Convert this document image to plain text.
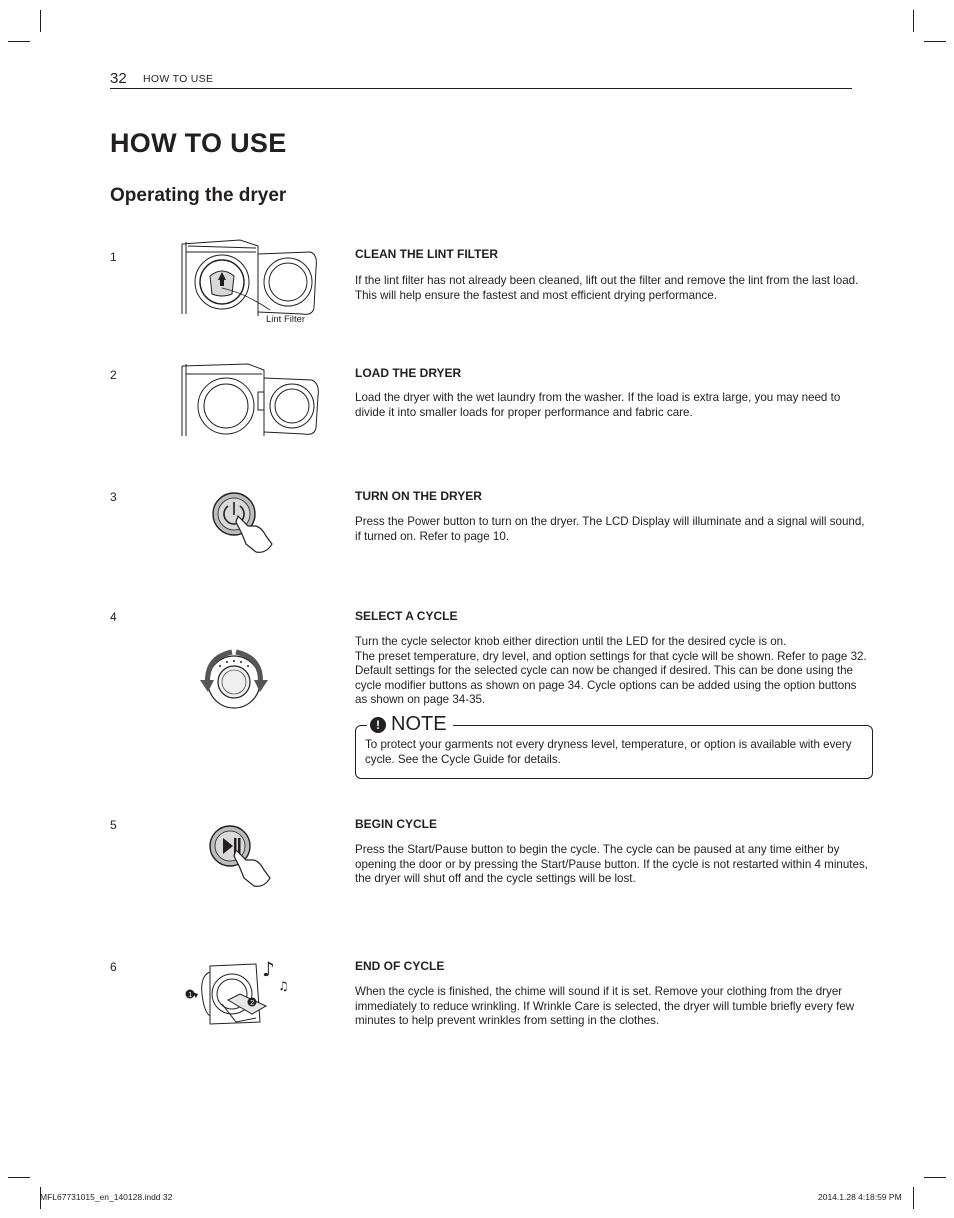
32 HOW TO USE
HOW TO USE
Operating the dryer
1
Lint Filter
CLEAN THE LINT FILTER
If the lint filter has not already been cleaned, lift out the filter and remove the lint from the last load. This will help ensure the fastest and most efficient drying performance.
2	LOAD THE DRYER
Load the dryer with the wet laundry from the washer. If the load is extra large, you may need to divide it into smaller loads for proper performance and fabric care.
3	TURN ON THE DRYER
Press the Power button to turn on the dryer. The LCD Display will illuminate and a signal will sound, if turned on. Refer to page 10.
4	SELECT A CYCLE
Turn the cycle selector knob either direction until the LED for the desired cycle is on.
The preset temperature, dry level, and option settings for that cycle will be shown. Refer to page 32. Default settings for the selected cycle can now be changed if desired. This can be done using the cycle modifier buttons as shown on page 34. Cycle options can be added using the option buttons as shown on page 34-35.
! NOTE
To protect your garments not every dryness level, temperature, or option is available with every cycle. See the Cycle Guide for details.
5	BEGIN CYCLE
Press the Start/Pause button to begin the cycle. The cycle can be paused at any time either by opening the door or by pressing the Start/Pause button. If the cycle is not restarted within 4 minutes, the dryer will shut off and the cycle settings will be lost.
6
1
2
♪
♫
END OF CYCLE
When the cycle is finished, the chime will sound if it is set. Remove your clothing from the dryer immediately to reduce wrinkling. If Wrinkle Care is selected, the dryer will tumble briefly every few minutes to help prevent wrinkles from setting in the clothes.
MFL67731015_en_140128.indd 32	2014.1.28 4:18:59 PM
